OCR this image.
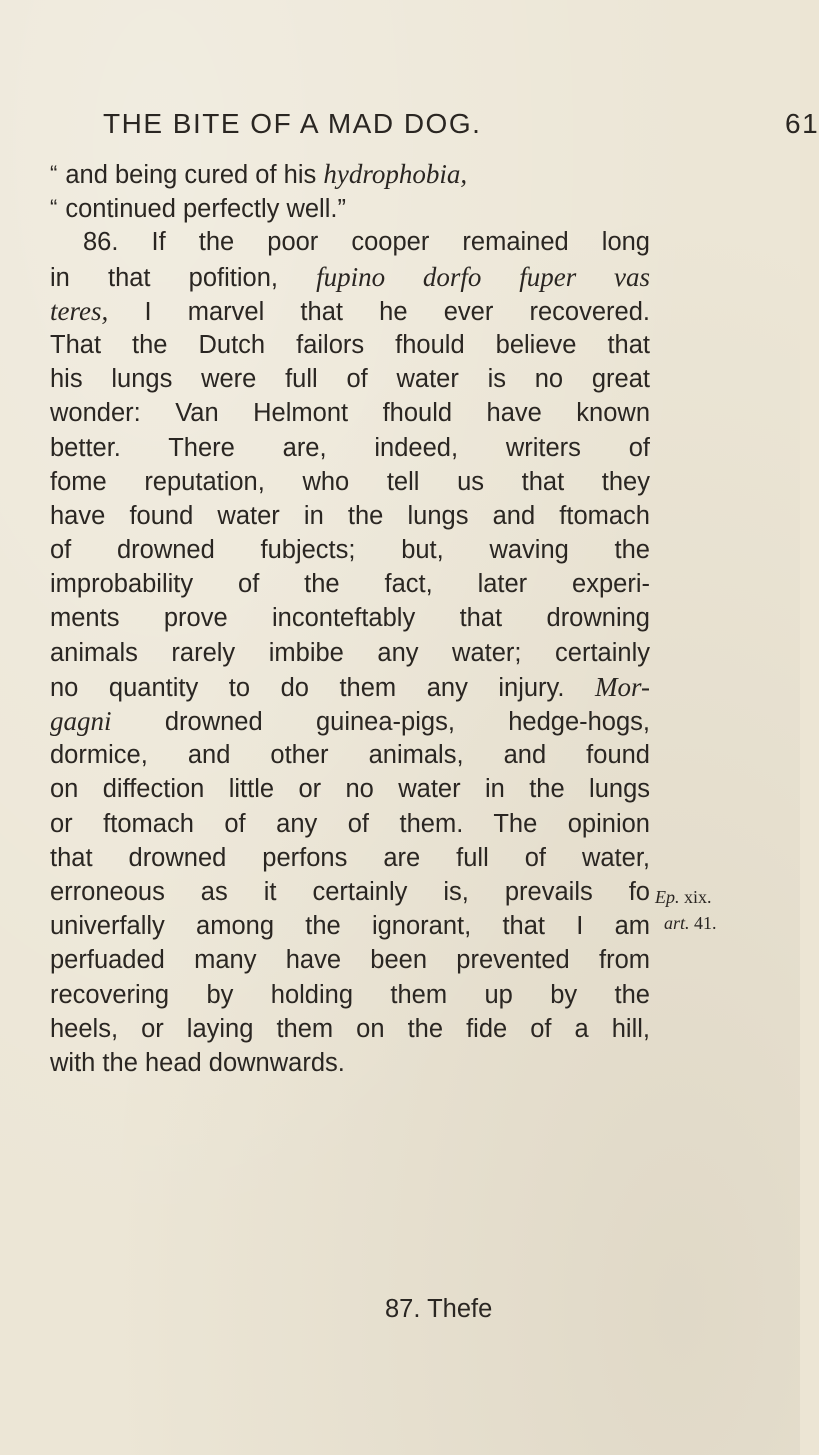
THE BITE OF A MAD DOG.	61
“ and being cured of his hydrophobia,
“ continued perfectly well.”
86. If the poor cooper remained long
in that pofition, fupino dorfo fuper vas
teres, I marvel that he ever recovered.
That the Dutch failors fhould believe that
his lungs were full of water is no great
wonder: Van Helmont fhould have known
better. There are, indeed, writers of
fome reputation, who tell us that they
have found water in the lungs and ftomach
of drowned fubjects; but, waving the
improbability of the fact, later experi-
ments prove inconteftably that drowning
animals rarely imbibe any water; certainly
no quantity to do them any injury. Mor-
gagni drowned guinea-pigs, hedge-hogs,
dormice, and other animals, and found
on diffection little or no water in the lungs
or ftomach of any of them. The opinion
that drowned perfons are full of water,
erroneous as it certainly is, prevails fo
univerfally among the ignorant, that I am
perfuaded many have been prevented from
recovering by holding them up by the
heels, or laying them on the fide of a hill,
with the head downwards.
Ep. xix.
art. 41.
87. Thefe
